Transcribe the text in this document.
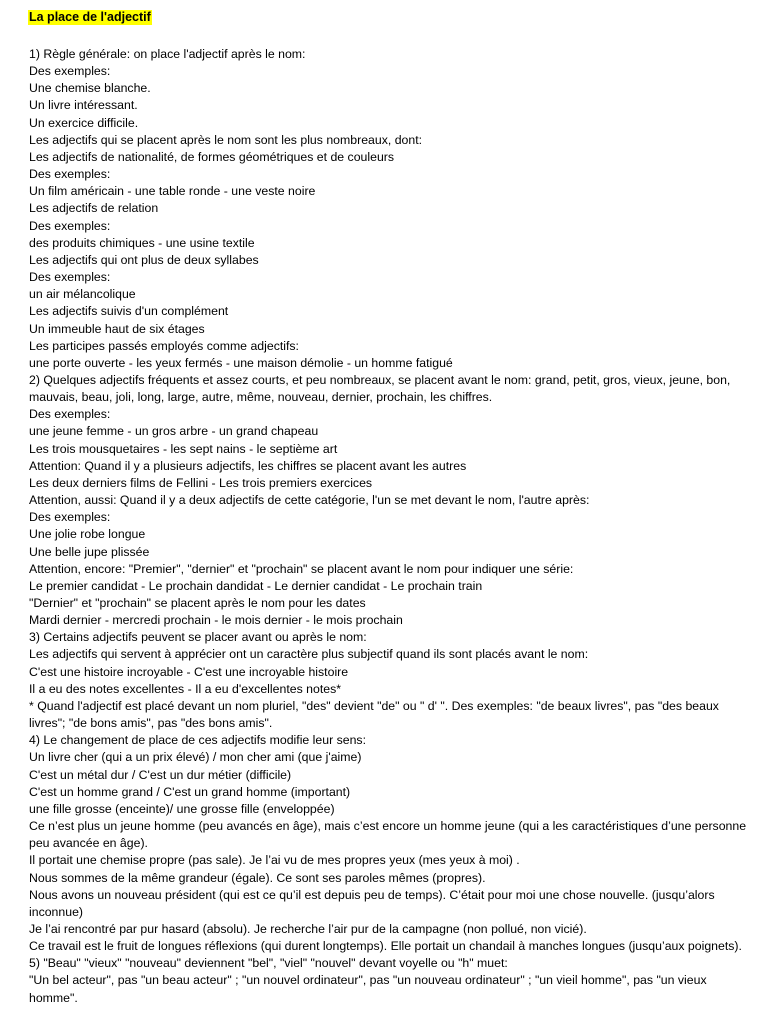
La place de l'adjectif
1) Règle générale: on place l'adjectif après le nom:
Des exemples:
Une chemise blanche.
Un livre intéressant.
Un exercice difficile.
Les adjectifs qui se placent après le nom sont les plus nombreaux, dont:
Les adjectifs de nationalité, de formes géométriques et de couleurs
Des exemples:
Un film américain - une table ronde - une veste noire
Les adjectifs de relation
Des exemples:
des produits chimiques - une usine textile
Les adjectifs qui ont plus de deux syllabes
Des exemples:
un air mélancolique
Les adjectifs suivis d'un complément
Un immeuble haut de six étages
Les participes passés employés comme adjectifs:
une porte ouverte - les yeux fermés - une maison démolie - un homme fatigué
2) Quelques adjectifs fréquents et assez courts, et peu nombreaux, se placent avant le nom: grand, petit, gros, vieux, jeune, bon, mauvais, beau, joli, long, large, autre, même, nouveau, dernier, prochain, les chiffres.
Des exemples:
une jeune femme - un gros arbre - un grand chapeau
Les trois mousquetaires - les sept nains - le septième art
Attention: Quand il y a plusieurs adjectifs, les chiffres se placent avant les autres
Les deux derniers films de Fellini - Les trois premiers exercices
Attention, aussi: Quand il y a deux adjectifs de cette catégorie, l'un se met devant le nom, l'autre après:
Des exemples:
Une jolie robe longue
Une belle jupe plissée
Attention, encore: "Premier", "dernier" et "prochain" se placent avant le nom pour indiquer une série:
Le premier candidat - Le prochain dandidat - Le dernier candidat - Le prochain train
"Dernier" et "prochain" se placent après le nom pour les dates
Mardi dernier - mercredi prochain - le mois dernier - le mois prochain
3) Certains adjectifs peuvent se placer avant ou après le nom:
Les adjectifs qui servent à apprécier ont un caractère plus subjectif quand ils sont placés avant le nom:
C'est une histoire incroyable - C'est une incroyable histoire
Il a eu des notes excellentes - Il a eu d'excellentes notes*
* Quand l'adjectif est placé devant un nom pluriel, "des" devient "de" ou " d' ". Des exemples: "de beaux livres", pas "des beaux livres"; "de bons amis", pas "des bons amis".
4) Le changement de place de ces adjectifs modifie leur sens:
Un livre cher (qui a un prix élevé) / mon cher ami (que j'aime)
C'est un métal dur / C'est un dur métier (difficile)
C'est un homme grand / C'est un grand homme (important)
une fille grosse (enceinte)/ une grosse fille (enveloppée)
Ce n’est plus un jeune homme (peu avancés en âge), mais c’est encore un homme jeune (qui a les caractéristiques d’une personne peu avancée en âge).
Il portait une chemise propre (pas sale). Je l’ai vu de mes propres yeux (mes yeux à moi) .
Nous sommes de la même grandeur (égale). Ce sont ses paroles mêmes (propres).
Nous avons un nouveau président (qui est ce qu’il est depuis peu de temps). C’était pour moi une chose nouvelle. (jusqu’alors inconnue)
Je l’ai rencontré par pur hasard (absolu). Je recherche l’air pur de la campagne (non pollué, non vicié).
Ce travail est le fruit de longues réflexions (qui durent longtemps). Elle portait un chandail à manches longues (jusqu’aux poignets).
5) "Beau" "vieux" "nouveau" deviennent "bel", "viel" "nouvel" devant voyelle ou "h" muet:
"Un bel acteur", pas "un beau acteur" ; "un nouvel ordinateur", pas "un nouveau ordinateur" ; "un vieil homme", pas "un vieux homme".
